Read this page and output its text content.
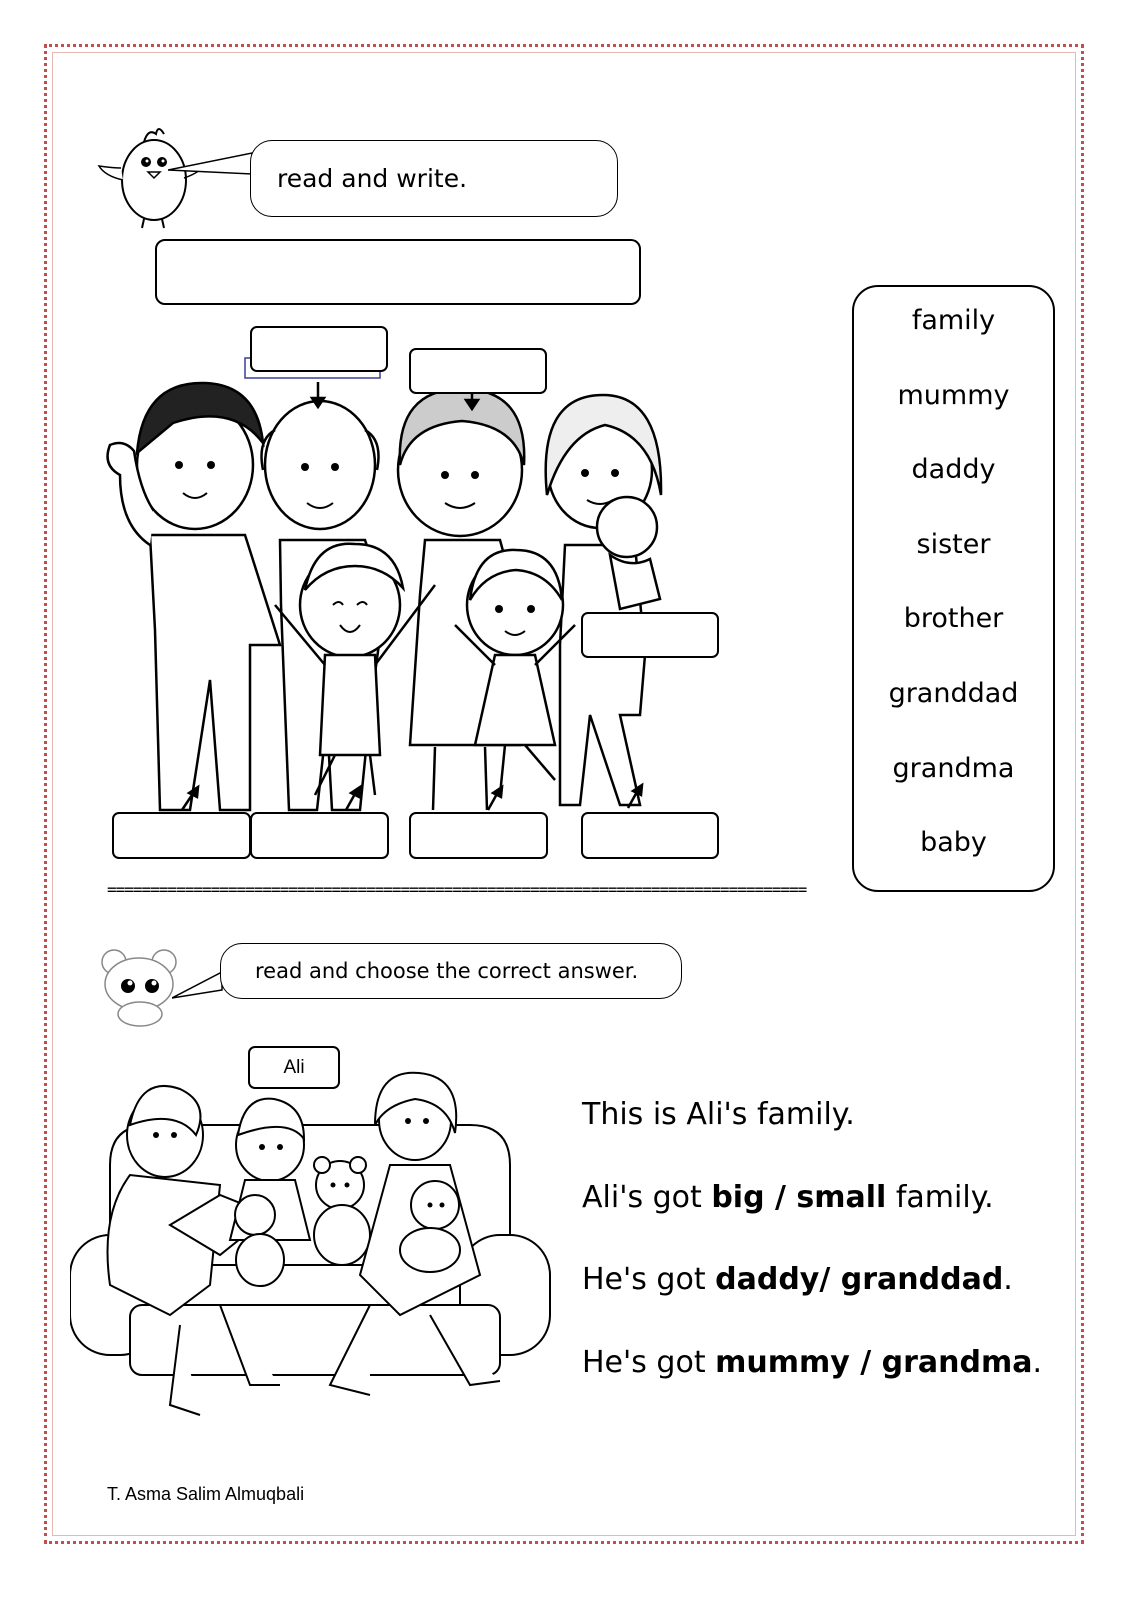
read and write.
family
mummy
daddy
sister
brother
granddad
grandma
baby
=================================================================================
read and choose the correct answer.
Ali
This is Ali's family.
Ali's got big / small family.
He's got daddy/ granddad.
He's got mummy / grandma.
T. Asma Salim Almuqbali
